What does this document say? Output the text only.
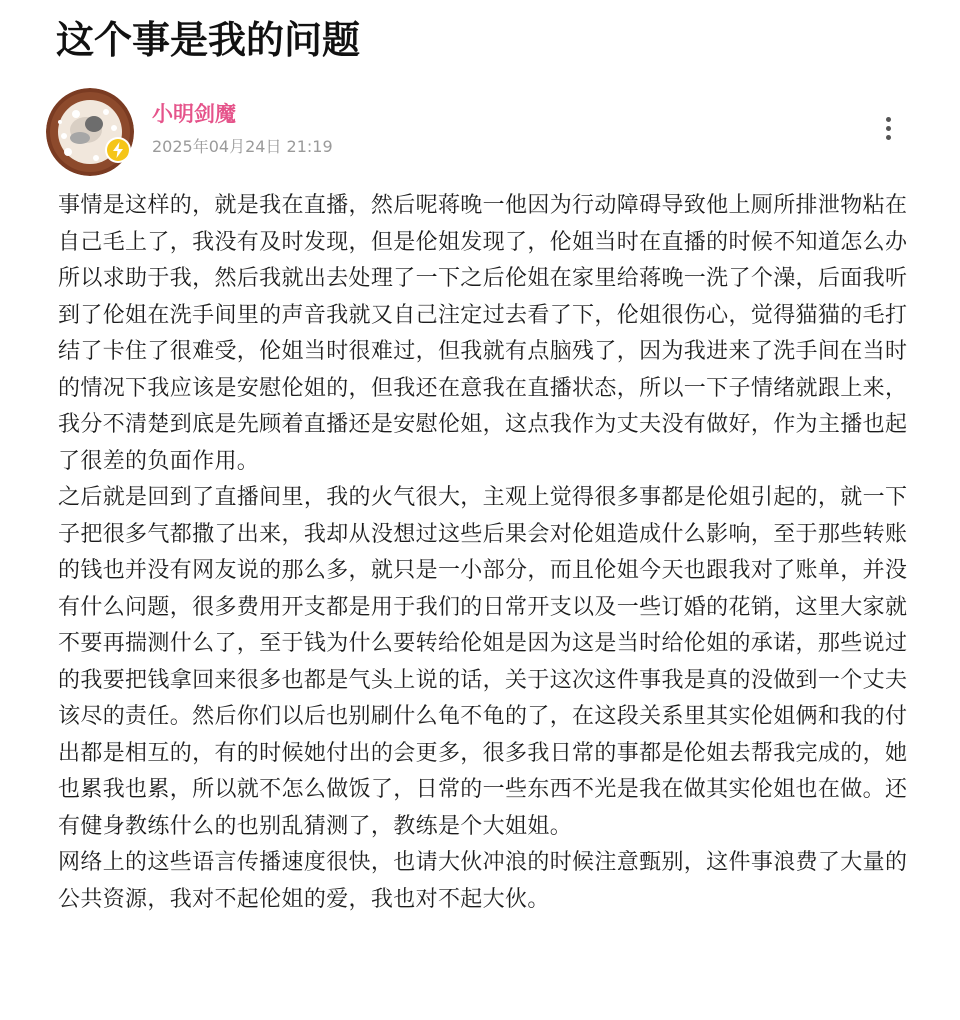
这个事是我的问题
小明剑魔
2025年04月24日 21:19

事情是这样的，就是我在直播，然后呢蒋晚一他因为行动障碍导致他上厕所排泄物粘在自己毛上了，我没有及时发现，但是伦姐发现了，伦姐当时在直播的时候不知道怎么办所以求助于我，然后我就出去处理了一下之后伦姐在家里给蒋晚一洗了个澡，后面我听到了伦姐在洗手间里的声音我就又自己注定过去看了下，伦姐很伤心，觉得猫猫的毛打结了卡住了很难受，伦姐当时很难过，但我就有点脑残了，因为我进来了洗手间在当时的情况下我应该是安慰伦姐的，但我还在意我在直播状态，所以一下子情绪就跟上来，我分不清楚到底是先顾着直播还是安慰伦姐，这点我作为丈夫没有做好，作为主播也起了很差的负面作用。

之后就是回到了直播间里，我的火气很大，主观上觉得很多事都是伦姐引起的，就一下子把很多气都撒了出来，我却从没想过这些后果会对伦姐造成什么影响，至于那些转账的钱也并没有网友说的那么多，就只是一小部分，而且伦姐今天也跟我对了账单，并没有什么问题，很多费用开支都是用于我们的日常开支以及一些订婚的花销，这里大家就不要再揣测什么了，至于钱为什么要转给伦姐是因为这是当时给伦姐的承诺，那些说过的我要把钱拿回来很多也都是气头上说的话，关于这次这件事我是真的没做到一个丈夫该尽的责任。然后你们以后也别刷什么龟不龟的了，在这段关系里其实伦姐俩和我的付出都是相互的，有的时候她付出的会更多，很多我日常的事都是伦姐去帮我完成的，她也累我也累，所以就不怎么做饭了，日常的一些东西不光是我在做其实伦姐也在做。还有健身教练什么的也别乱猜测了，教练是个大姐姐。

网络上的这些语言传播速度很快，也请大伙冲浪的时候注意甄别，这件事浪费了大量的公共资源，我对不起伦姐的爱，我也对不起大伙。
